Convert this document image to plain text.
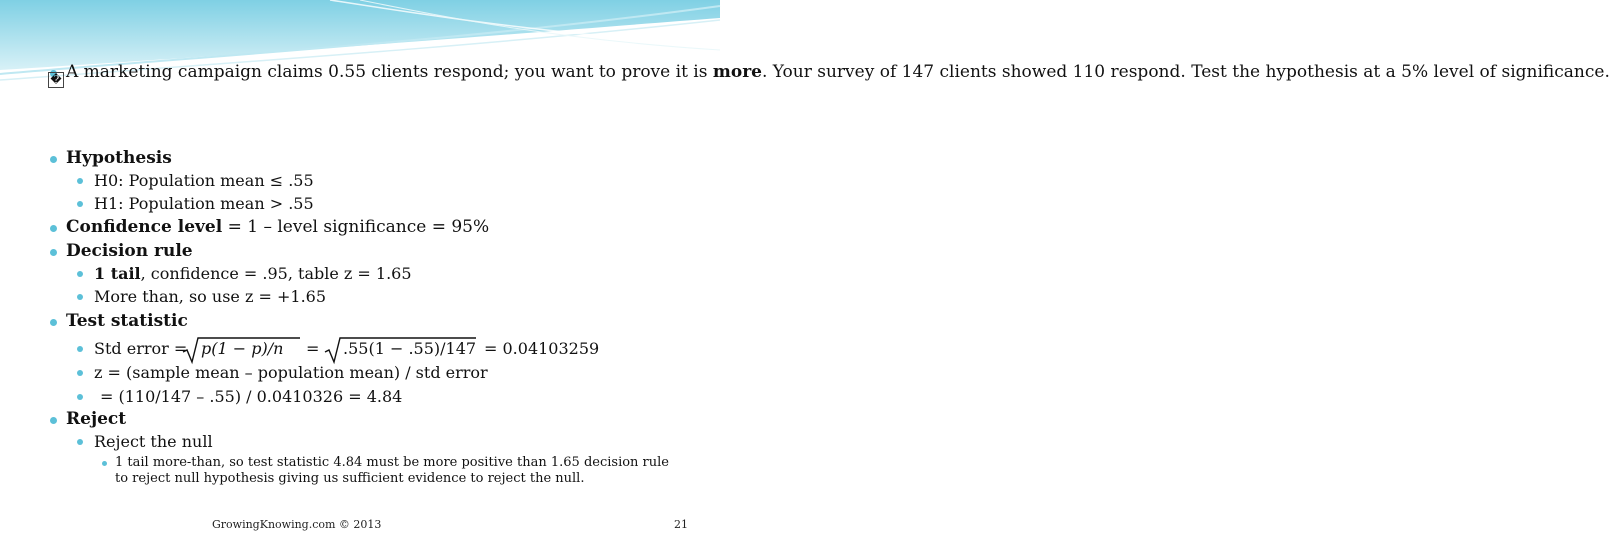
� A marketing campaign claims 0.55 clients respond; you want to prove it is more. Your survey of 147 clients showed 110 respond. Test the hypothesis at a 5% level of significance.
Hypothesis
H0: Population mean ≤ .55
H1: Population mean > .55
Confidence level = 1 – level significance = 95%
Decision rule
1 tail, confidence = .95, table z = 1.65
More than, so use z = +1.65
Test statistic
Std error = p(1 − p)/n = .55(1 − .55)/147 = 0.04103259
z = (sample mean – population mean) / std error
= (110/147 – .55) / 0.0410326 = 4.84
Reject
Reject the null
1 tail more-than, so test statistic 4.84 must be more positive than 1.65 decision rule to reject null hypothesis giving us sufficient evidence to reject the null.
GrowingKnowing.com © 2013	21
